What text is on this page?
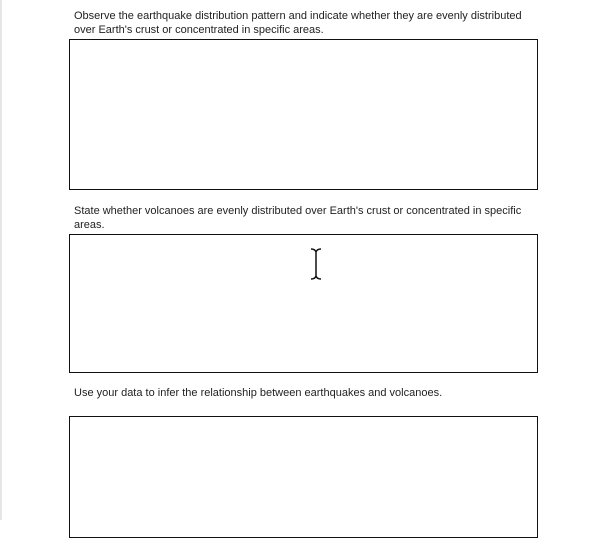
Observe the earthquake distribution pattern and indicate whether they are evenly distributed over Earth's crust or concentrated in specific areas.
State whether volcanoes are evenly distributed over Earth's crust or concentrated in specific areas.
Use your data to infer the relationship between earthquakes and volcanoes.
